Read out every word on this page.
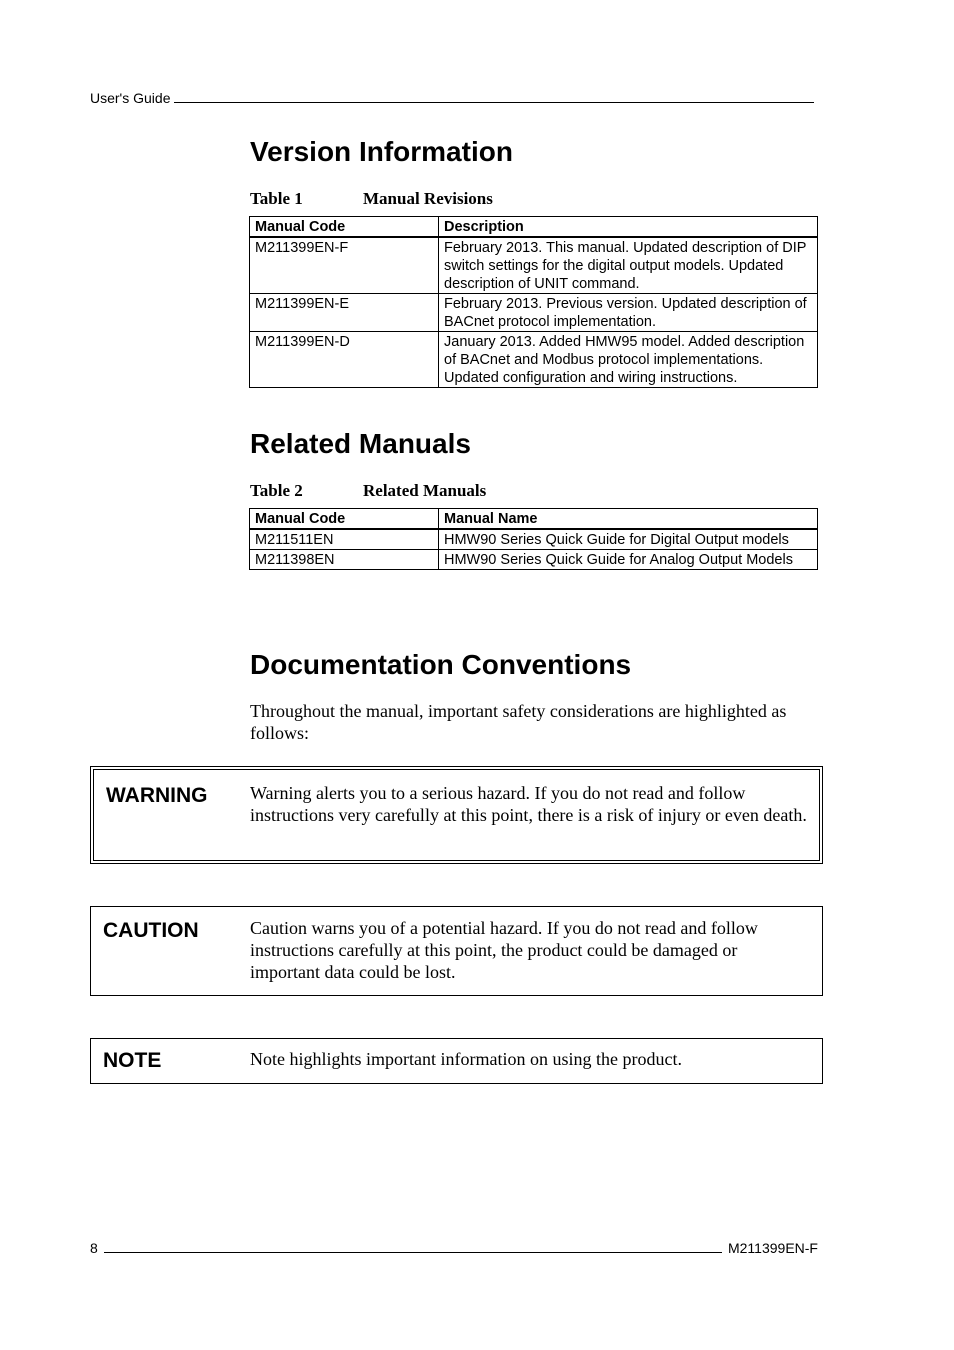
User's Guide
Version Information
Table 1	Manual Revisions
Manual Code	Description
M211399EN-F	February 2013. This manual. Updated description of DIP switch settings for the digital output models. Updated description of UNIT command.
M211399EN-E	February 2013. Previous version. Updated description of BACnet protocol implementation.
M211399EN-D	January 2013. Added HMW95 model. Added description of BACnet and Modbus protocol implementations. Updated configuration and wiring instructions.
Related Manuals
Table 2	Related Manuals
Manual Code	Manual Name
M211511EN	HMW90 Series Quick Guide for Digital Output models
M211398EN	HMW90 Series Quick Guide for Analog Output Models
Documentation Conventions

Throughout the manual, important safety considerations are highlighted as follows:

WARNING Warning alerts you to a serious hazard. If you do not read and follow instructions very carefully at this point, there is a risk of injury or even death.
CAUTION	Caution warns you of a potential hazard. If you do not read and follow instructions carefully at this point, the product could be damaged or important data could be lost.
NOTE	Note highlights important information on using the product.
8	M211399EN-F
